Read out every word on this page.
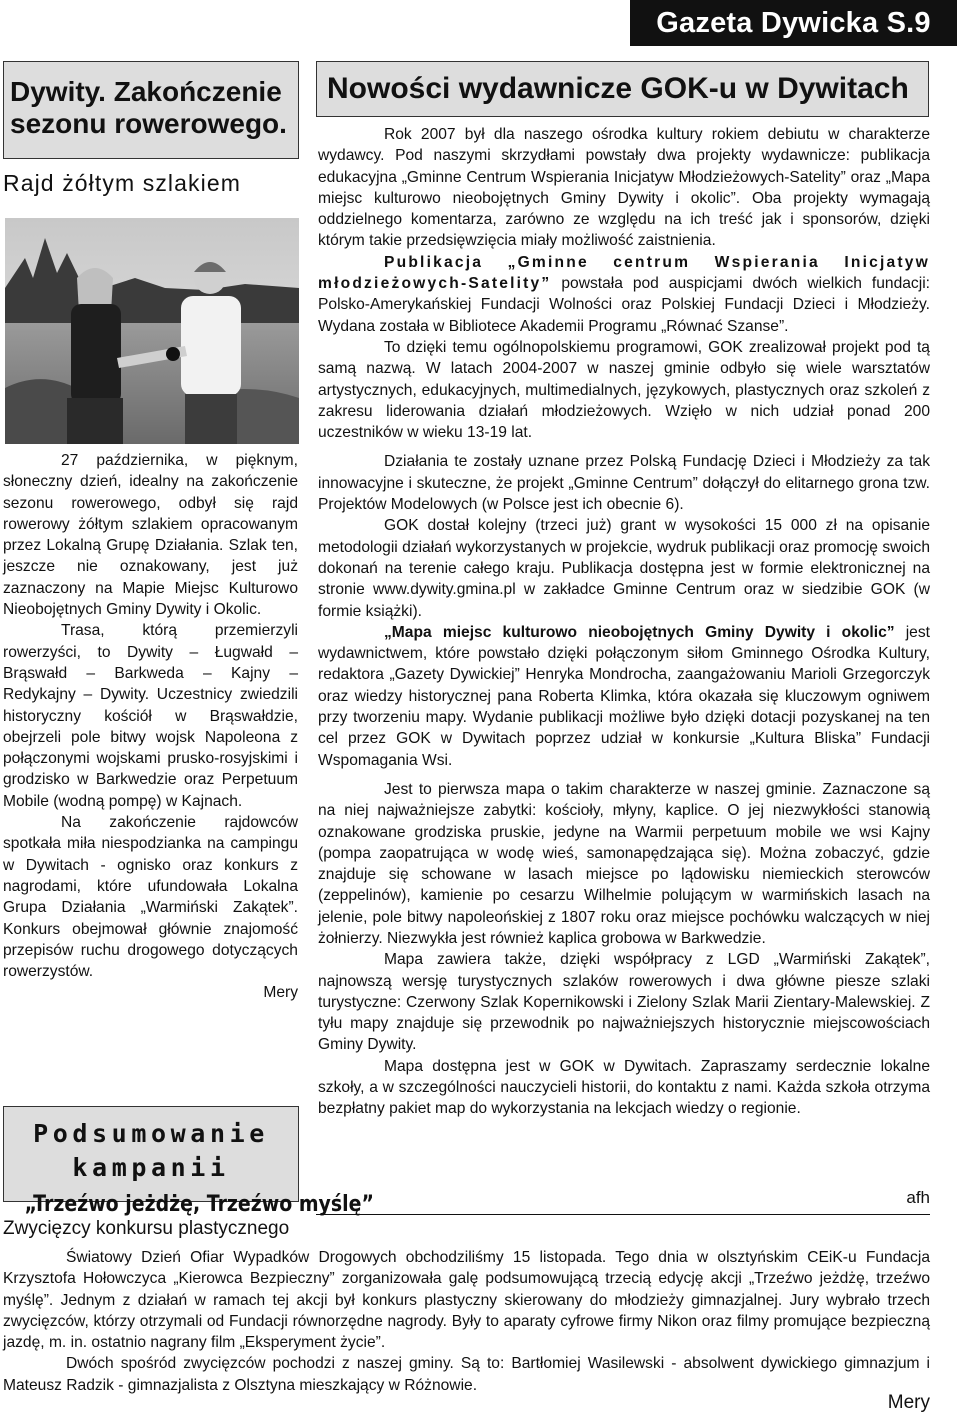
Gazeta Dywicka S.9
Dywity. Zakończenie sezonu rowerowego.
Nowości wydawnicze GOK-u w Dywitach
Rajd żółtym szlakiem

27 października, w pięknym, słoneczny dzień, idealny na zakończenie sezonu rowerowego, odbył się rajd rowerowy żółtym szlakiem opracowanym przez Lokalną Grupę Działania. Szlak ten, jeszcze nie oznakowany, jest już zaznaczony na Mapie Miejsc Kulturowo Nieobojętnych Gminy Dywity i Okolic.

Trasa, którą przemierzyli rowerzyści, to Dywity – Ługwałd – Brąswałd – Barkweda – Kajny – Redykajny – Dywity. Uczestnicy zwiedzili historyczny kościół w Brąswałdzie, obejrzeli pole bitwy wojsk Napoleona z połączonymi wojskami prusko-rosyjskimi i grodzisko w Barkwedzie oraz Perpetuum Mobile (wodną pompę) w Kajnach.

Na zakończenie rajdowców spotkała miła niespodzianka na campingu w Dywitach - ognisko oraz konkurs z nagrodami, które ufundowała Lokalna Grupa Działania „Warmiński Zakątek”. Konkurs obejmował głównie znajomość przepisów ruchu drogowego dotyczących rowerzystów.

Mery

Rok 2007 był dla naszego ośrodka kultury rokiem debiutu w charakterze wydawcy. Pod naszymi skrzydłami powstały dwa projekty wydawnicze: publikacja edukacyjna „Gminne Centrum Wspierania Inicjatyw Młodzieżowych-Satelity” oraz „Mapa miejsc kulturowo nieobojętnych Gminy Dywity i okolic”. Oba projekty wymagają oddzielnego komentarza, zarówno ze względu na ich treść jak i sponsorów, dzięki którym takie przedsięwzięcia miały możliwość zaistnienia.

Publikacja „Gminne centrum Wspierania Inicjatyw młodzieżowych-Satelity” powstała pod auspicjami dwóch wielkich fundacji: Polsko-Amerykańskiej Fundacji Wolności oraz Polskiej Fundacji Dzieci i Młodzieży. Wydana została w Bibliotece Akademii Programu „Równać Szanse”.

To dzięki temu ogólnopolskiemu programowi, GOK zrealizował projekt pod tą samą nazwą. W latach 2004-2007 w naszej gminie odbyło się wiele warsztatów artystycznych, edukacyjnych, multimedialnych, językowych, plastycznych oraz szkoleń z zakresu liderowania działań młodzieżowych. Wzięło w nich udział ponad 200 uczestników w wieku 13-19 lat.

Działania te zostały uznane przez Polską Fundację Dzieci i Młodzieży za tak innowacyjne i skuteczne, że projekt „Gminne Centrum” dołączył do elitarnego grona tzw. Projektów Modelowych (w Polsce jest ich obecnie 6).

GOK dostał kolejny (trzeci już) grant w wysokości 15 000 zł na opisanie metodologii działań wykorzystanych w projekcie, wydruk publikacji oraz promocję swoich dokonań na terenie całego kraju. Publikacja dostępna jest w formie elektronicznej na stronie www.dywity.gmina.pl w zakładce Gminne Centrum oraz w siedzibie GOK (w formie książki).

„Mapa miejsc kulturowo nieobojętnych Gminy Dywity i okolic” jest wydawnictwem, które powstało dzięki połączonym siłom Gminnego Ośrodka Kultury, redaktora „Gazety Dywickiej” Henryka Mondrocha, zaangażowaniu Marioli Grzegorczyk oraz wiedzy historycznej pana Roberta Klimka, która okazała się kluczowym ogniwem przy tworzeniu mapy. Wydanie publikacji możliwe było dzięki dotacji pozyskanej na ten cel przez GOK w Dywitach poprzez udział w konkursie „Kultura Bliska” Fundacji Wspomagania Wsi.

Jest to pierwsza mapa o takim charakterze w naszej gminie. Zaznaczone są na niej najważniejsze zabytki: kościoły, młyny, kaplice. O jej niezwykłości stanowią oznakowane grodziska pruskie, jedyne na Warmii perpetuum mobile we wsi Kajny (pompa zaopatrująca w wodę wieś, samonapędzająca się). Można zobaczyć, gdzie znajduje się schowane w lasach miejsce po lądowisku niemieckich sterowców (zeppelinów), kamienie po cesarzu Wilhelmie polującym w warmińskich lasach na jelenie, pole bitwy napoleońskiej z 1807 roku oraz miejsce pochówku walczących w niej żołnierzy. Niezwykła jest również kaplica grobowa w Barkwedzie.

Mapa zawiera także, dzięki współpracy z LGD „Warmiński Zakątek”, najnowszą wersję turystycznych szlaków rowerowych i dwa główne piesze szlaki turystyczne: Czerwony Szlak Kopernikowski i Zielony Szlak Marii Zientary-Malewskiej. Z tyłu mapy znajduje się przewodnik po najważniejszych historycznie miejscowościach Gminy Dywity.

Mapa dostępna jest w GOK w Dywitach. Zapraszamy serdecznie lokalne szkoły, a w szczególności nauczycieli historii, do kontaktu z nami. Każda szkoła otrzyma bezpłatny pakiet map do wykorzystania na lekcjach wiedzy o regionie.

afh
Podsumowanie kampanii
„Trzeźwo jeżdżę, Trzeźwo myślę”
Zwycięzcy konkursu plastycznego

Światowy Dzień Ofiar Wypadków Drogowych obchodziliśmy 15 listopada. Tego dnia w olsztyńskim CEiK-u Fundacja Krzysztofa Hołowczyca „Kierowca Bezpieczny” zorganizowała galę podsumowującą trzecią edycję akcji „Trzeźwo jeżdżę, trzeźwo myślę”. Jednym z działań w ramach tej akcji był konkurs plastyczny skierowany do młodzieży gimnazjalnej. Jury wybrało trzech zwycięzców, którzy otrzymali od Fundacji równorzędne nagrody. Były to aparaty cyfrowe firmy Nikon oraz filmy promujące bezpieczną jazdę, m. in. ostatnio nagrany film „Eksperyment życie”.

Dwóch spośród zwycięzców pochodzi z naszej gminy. Są to: Bartłomiej Wasilewski - absolwent dywickiego gimnazjum i Mateusz Radzik - gimnazjalista z Olsztyna mieszkający w Różnowie.

Mery
